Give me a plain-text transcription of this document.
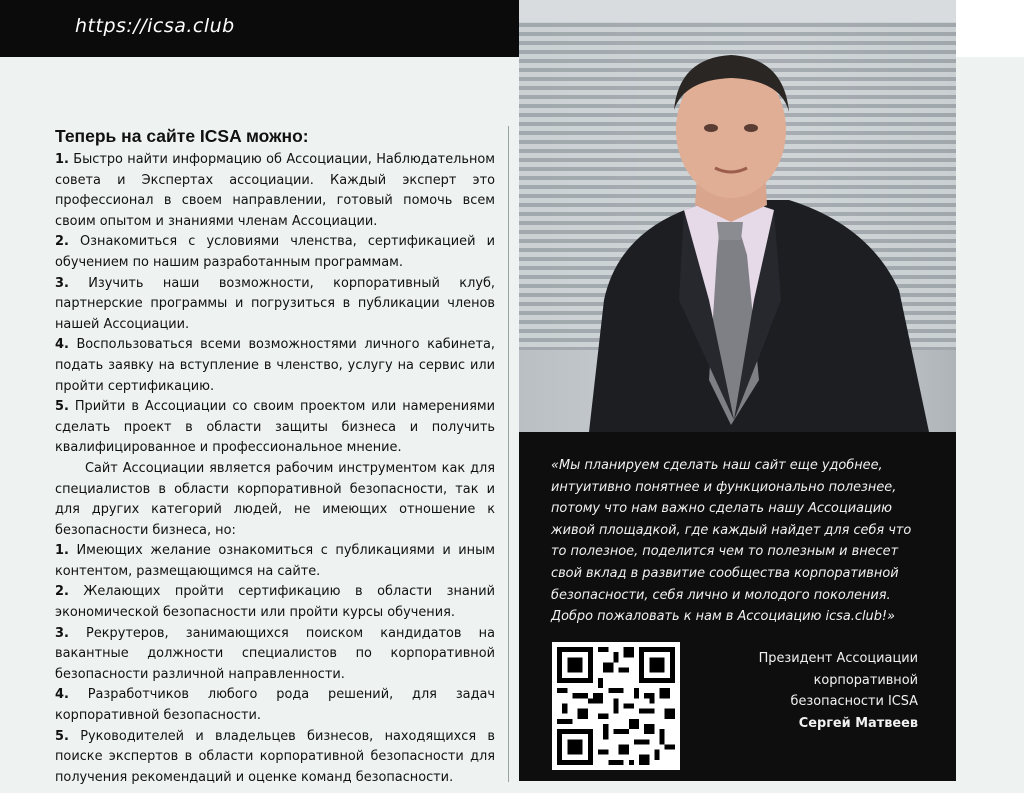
https://icsa.club
Теперь на сайте ICSA можно:

1. Быстро найти информацию об Ассоциации, Наблюдательном совета и Экспертах ассоциации. Каждый эксперт это профессионал в своем направлении, готовый помочь всем своим опытом и знаниями членам Ассоциации.

2. Ознакомиться с условиями членства, сертификацией и обучением по нашим разработанным программам.

3. Изучить наши возможности, корпоративный клуб, партнерские программы и погрузиться в публикации членов нашей Ассоциации.

4. Воспользоваться всеми возможностями личного кабинета, подать заявку на вступление в членство, услугу на сервис или пройти сертификацию.

5. Прийти в Ассоциации со своим проектом или намерениями сделать проект в области защиты бизнеса и получить квалифицированное и профессиональное мнение.

Сайт Ассоциации является рабочим инструментом как для специалистов в области корпоративной безопасности, так и для других категорий людей, не имеющих отношение к безопасности бизнеса, но:

1. Имеющих желание ознакомиться с публикациями и иным контентом, размещающимся на сайте.

2. Желающих пройти сертификацию в области знаний экономической безопасности или пройти курсы обучения.

3. Рекрутеров, занимающихся поиском кандидатов на вакантные должности специалистов по корпоративной безопасности различной направленности.

4. Разработчиков любого рода решений, для задач корпоративной безопасности.

5. Руководителей и владельцев бизнесов, находящихся в поиске экспертов в области корпоративной безопасности для получения рекомендаций и оценке команд безопасности.

«Мы планируем сделать наш сайт еще удобнее, интуитивно понятнее и функционально полезнее, потому что нам важно сделать нашу Ассоциацию живой площадкой, где каждый найдет для себя что то полезное, поделится чем то полезным и внесет свой вклад в развитие сообщества корпоративной безопасности, себя лично и молодого поколения. Добро пожаловать к нам в Ассоциацию icsa.club!»
Президент Ассоциации
корпоративной
безопасности ICSA
Сергей Матвеев
